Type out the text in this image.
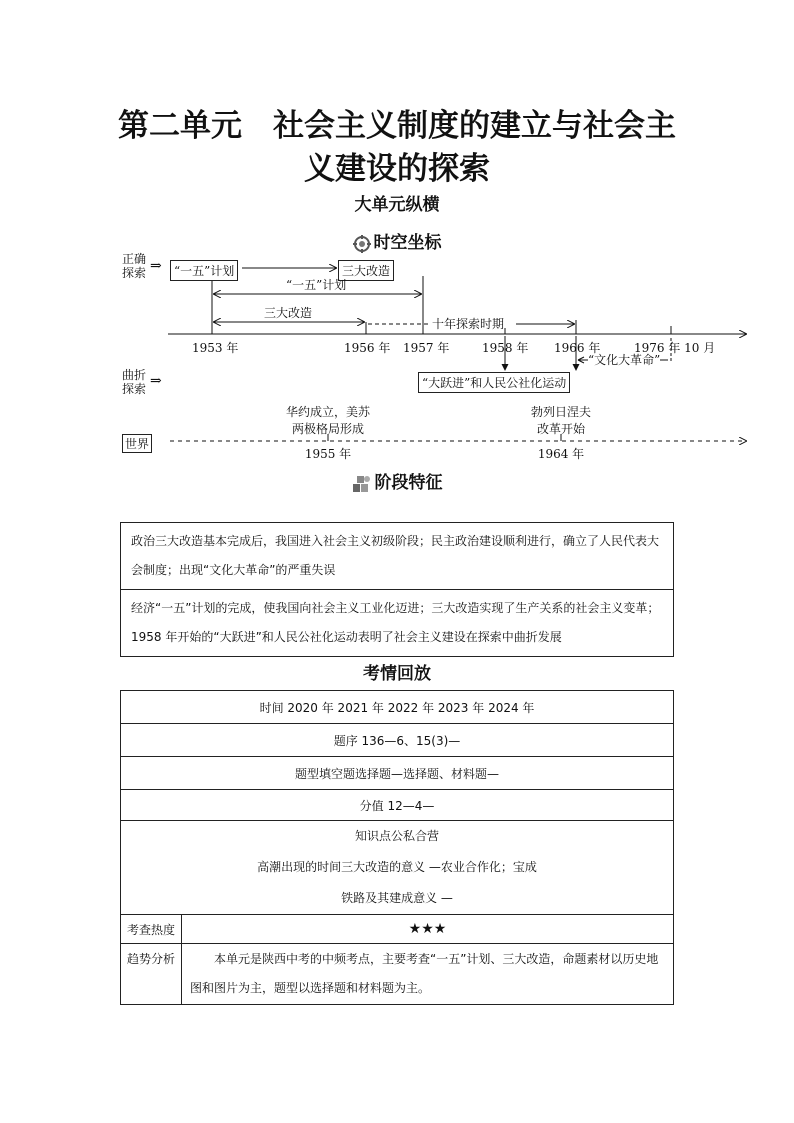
第二单元　社会主义制度的建立与社会主
义建设的探索
大单元纵横
时空坐标
正确
探索 ⇒
曲折
探索 ⇒
世界
“一五”计划	三大改造
“大跃进”和人民公社化运动
“一五”计划
三大改造
十年探索时期
“文化大革命”
1953 年	1956 年 1957 年	1958 年 1966 年	1976 年 10 月
华约成立，美苏
两极格局形成
1955 年
勃列日涅夫
改革开始
1964 年
阶段特征
政治三大改造基本完成后，我国进入社会主义初级阶段；民主政治建设顺利进行，确立了人民代表大会制度；出现“文化大革命”的严重失误
经济“一五”计划的完成，使我国向社会主义工业化迈进；三大改造实现了生产关系的社会主义变革；1958 年开始的“大跃进”和人民公社化运动表明了社会主义建设在探索中曲折发展
考情回放
时间 2020 年 2021 年 2022 年 2023 年 2024 年	
题序 136—6、15(3)—	
题型填空题选择题—选择题、材料题—	
分值 12—4—	

知识点公私合营
高潮出现的时间三大改造的意义 —农业合作化；宝成
铁路及其建成意义 —	

考查热度	★★★
趋势分析	本单元是陕西中考的中频考点，主要考查“一五”计划、三大改造，命题素材以历史地图和图片为主，题型以选择题和材料题为主。
